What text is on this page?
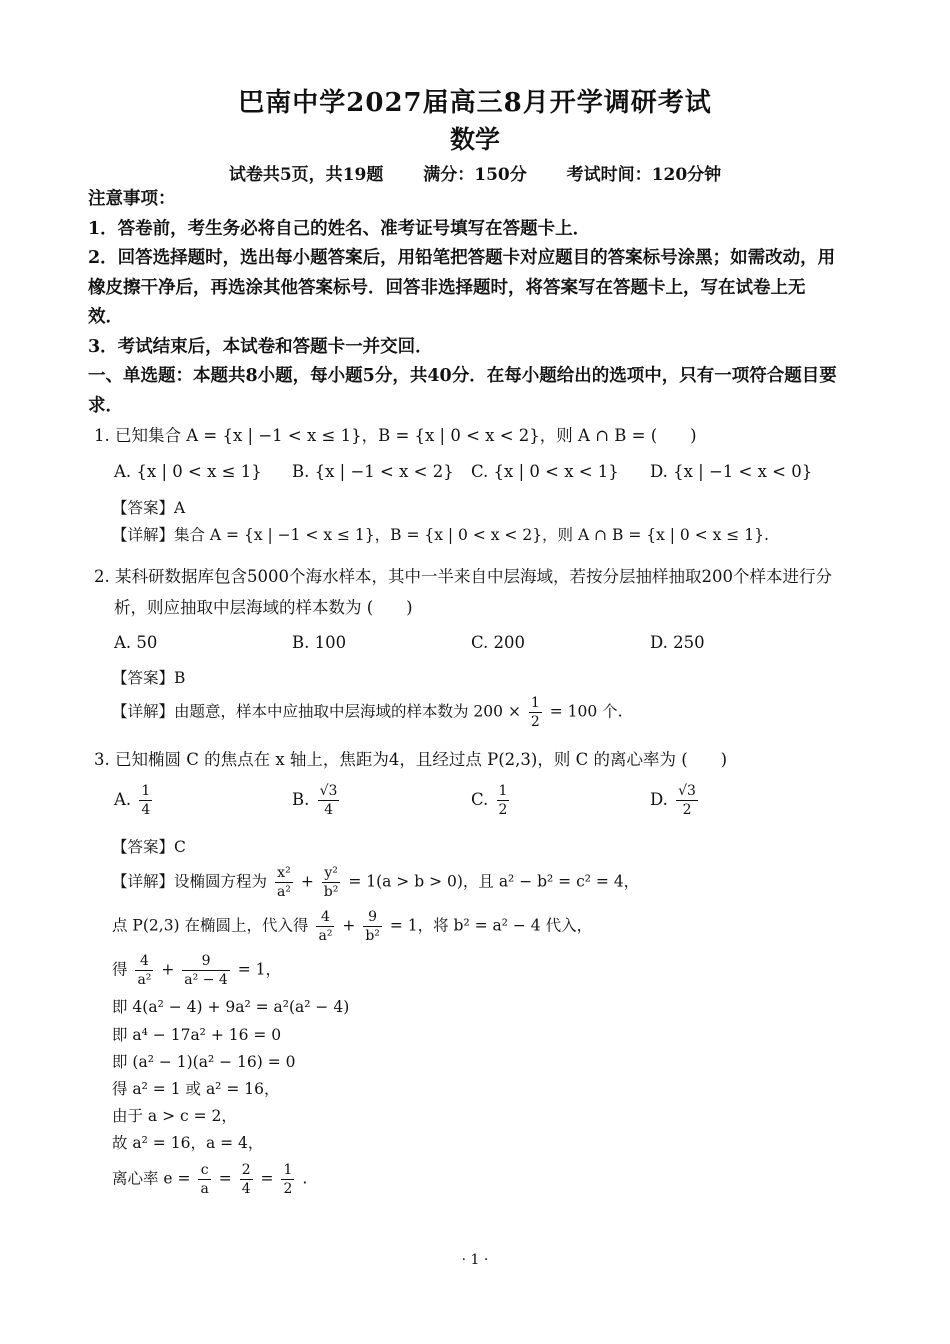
巴南中学2027届高三8月开学调研考试
数学
试卷共5页，共19题 满分：150分 考试时间：120分钟
注意事项：
1．答卷前，考生务必将自己的姓名、准考证号填写在答题卡上．
2．回答选择题时，选出每小题答案后，用铅笔把答题卡对应题目的答案标号涂黑；如需改动，用
橡皮擦干净后，再选涂其他答案标号．回答非选择题时，将答案写在答题卡上，写在试卷上无
效．
3．考试结束后，本试卷和答题卡一并交回．
一、单选题：本题共8小题，每小题5分，共40分．在每小题给出的选项中，只有一项符合题目要
求．
1. 已知集合 A = {x | −1 < x ≤ 1}，B = {x | 0 < x < 2}，则 A ∩ B = (　　)
A. {x | 0 < x ≤ 1} B. {x | −1 < x < 2} C. {x | 0 < x < 1} D. {x | −1 < x < 0}
【答案】A
【详解】集合 A = {x | −1 < x ≤ 1}，B = {x | 0 < x < 2}，则 A ∩ B = {x | 0 < x ≤ 1}.
2. 某科研数据库包含5000个海水样本，其中一半来自中层海域，若按分层抽样抽取200个样本进行分
析，则应抽取中层海域的样本数为 (　　)
A. 50	B. 100	C. 200	D. 250
【答案】B
【详解】由题意，样本中应抽取中层海域的样本数为 $200 \times \frac{1}{2} = 100$ 个.
3. 已知椭圆 C 的焦点在 x 轴上，焦距为4，且经过点 P(2,3)，则 C 的离心率为 (　　)
A. $\frac{1}{4}$	B. $\frac{√3}{4}$	C. $\frac{1}{2}$	D. $\frac{√3}{2}$
【答案】C
【详解】设椭圆方程为 $\frac{\text{x²}}{\text{a²}} + \frac{\text{y²}}{\text{b²}} = 1(a > b > 0)$，且 a² − b² = c² = 4，
点 P(2,3) 在椭圆上，代入得 $\frac{4}{\text{a²}} + \frac{9}{\text{b²}} = 1$，将 b² = a² − 4 代入，
得 $\frac{4}{\text{a²}} + \frac{9}{\text{a² − 4}} = 1$，
即 4(a² − 4) + 9a² = a²(a² − 4)
即 a⁴ − 17a² + 16 = 0
即 (a² − 1)(a² − 16) = 0
得 a² = 1 或 a² = 16，
由于 a > c = 2，
故 a² = 16，a = 4，
离心率 $e = \frac{c}{a} = \frac{2}{4} = \frac{1}{2}$ .
· 1 ·
